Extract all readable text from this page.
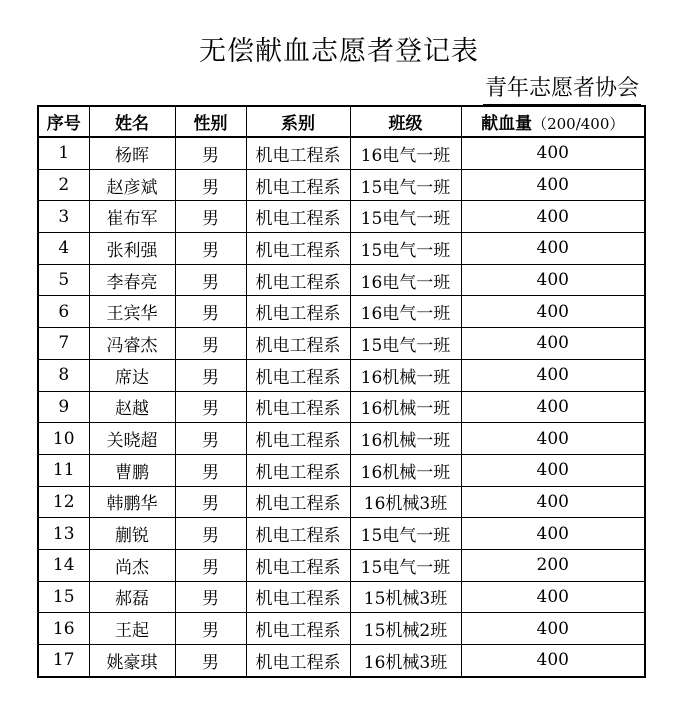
无偿献血志愿者登记表
青年志愿者协会
序号	姓名	性别	系别	班级	献血量（200/400）
1	杨晖	男	机电工程系	16电气一班	400
2	赵彦斌	男	机电工程系	15电气一班	400
3	崔布军	男	机电工程系	15电气一班	400
4	张利强	男	机电工程系	15电气一班	400
5	李春亮	男	机电工程系	16电气一班	400
6	王宾华	男	机电工程系	16电气一班	400
7	冯睿杰	男	机电工程系	15电气一班	400
8	席达	男	机电工程系	16机械一班	400
9	赵越	男	机电工程系	16机械一班	400
10	关晓超	男	机电工程系	16机械一班	400
11	曹鹏	男	机电工程系	16机械一班	400
12	韩鹏华	男	机电工程系	16机械3班	400
13	蒯锐	男	机电工程系	15电气一班	400
14	尚杰	男	机电工程系	15电气一班	200
15	郝磊	男	机电工程系	15机械3班	400
16	王起	男	机电工程系	15机械2班	400
17	姚豪琪	男	机电工程系	16机械3班	400
